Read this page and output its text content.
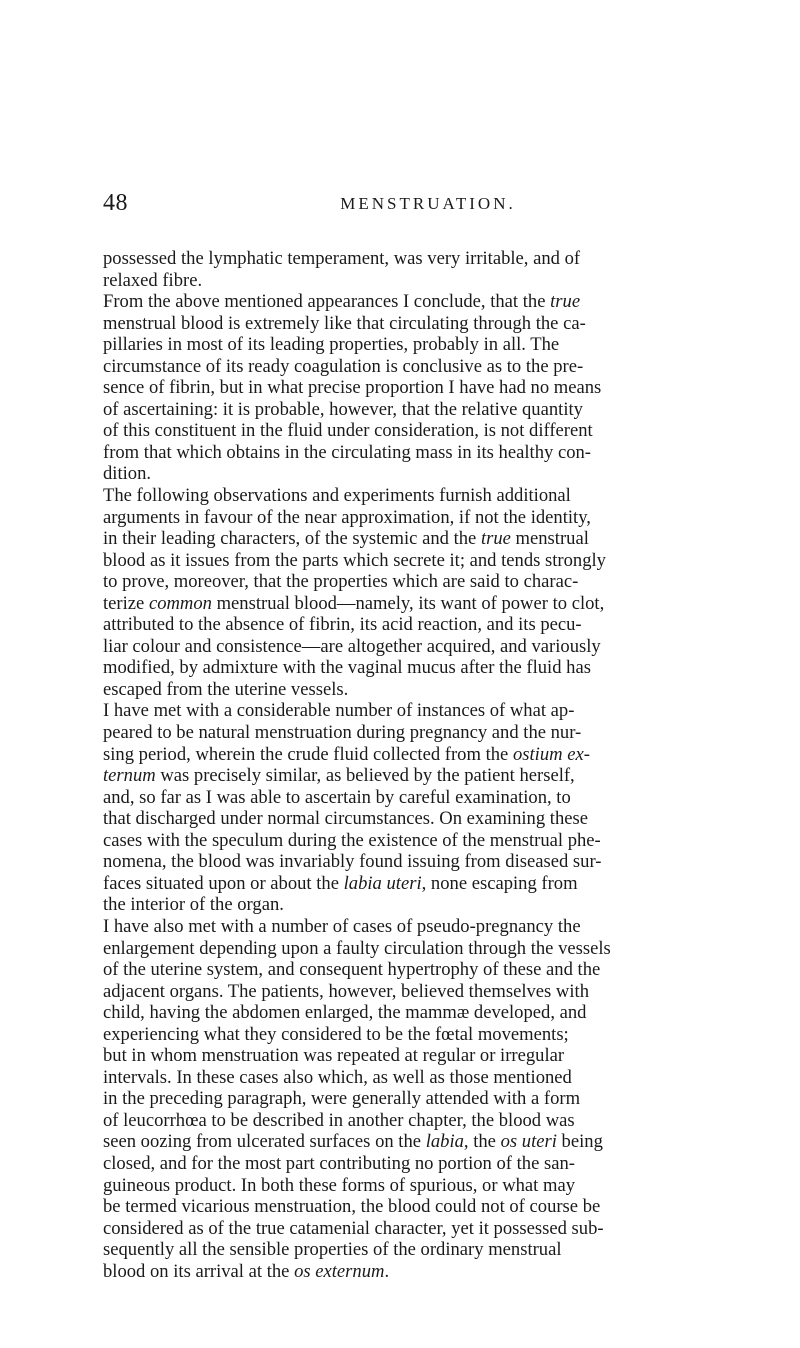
48	MENSTRUATION.
possessed the lymphatic temperament, was very irritable, and of
relaxed fibre.
From the above mentioned appearances I conclude, that the true
menstrual blood is extremely like that circulating through the ca-
pillaries in most of its leading properties, probably in all. The
circumstance of its ready coagulation is conclusive as to the pre-
sence of fibrin, but in what precise proportion I have had no means
of ascertaining: it is probable, however, that the relative quantity
of this constituent in the fluid under consideration, is not different
from that which obtains in the circulating mass in its healthy con-
dition.
The following observations and experiments furnish additional
arguments in favour of the near approximation, if not the identity,
in their leading characters, of the systemic and the true menstrual
blood as it issues from the parts which secrete it; and tends strongly
to prove, moreover, that the properties which are said to charac-
terize common menstrual blood—namely, its want of power to clot,
attributed to the absence of fibrin, its acid reaction, and its pecu-
liar colour and consistence—are altogether acquired, and variously
modified, by admixture with the vaginal mucus after the fluid has
escaped from the uterine vessels.
I have met with a considerable number of instances of what ap-
peared to be natural menstruation during pregnancy and the nur-
sing period, wherein the crude fluid collected from the ostium ex-
ternum was precisely similar, as believed by the patient herself,
and, so far as I was able to ascertain by careful examination, to
that discharged under normal circumstances. On examining these
cases with the speculum during the existence of the menstrual phe-
nomena, the blood was invariably found issuing from diseased sur-
faces situated upon or about the labia uteri, none escaping from
the interior of the organ.
I have also met with a number of cases of pseudo-pregnancy the
enlargement depending upon a faulty circulation through the vessels
of the uterine system, and consequent hypertrophy of these and the
adjacent organs. The patients, however, believed themselves with
child, having the abdomen enlarged, the mammæ developed, and
experiencing what they considered to be the fœtal movements;
but in whom menstruation was repeated at regular or irregular
intervals. In these cases also which, as well as those mentioned
in the preceding paragraph, were generally attended with a form
of leucorrhœa to be described in another chapter, the blood was
seen oozing from ulcerated surfaces on the labia, the os uteri being
closed, and for the most part contributing no portion of the san-
guineous product. In both these forms of spurious, or what may
be termed vicarious menstruation, the blood could not of course be
considered as of the true catamenial character, yet it possessed sub-
sequently all the sensible properties of the ordinary menstrual
blood on its arrival at the os externum.
